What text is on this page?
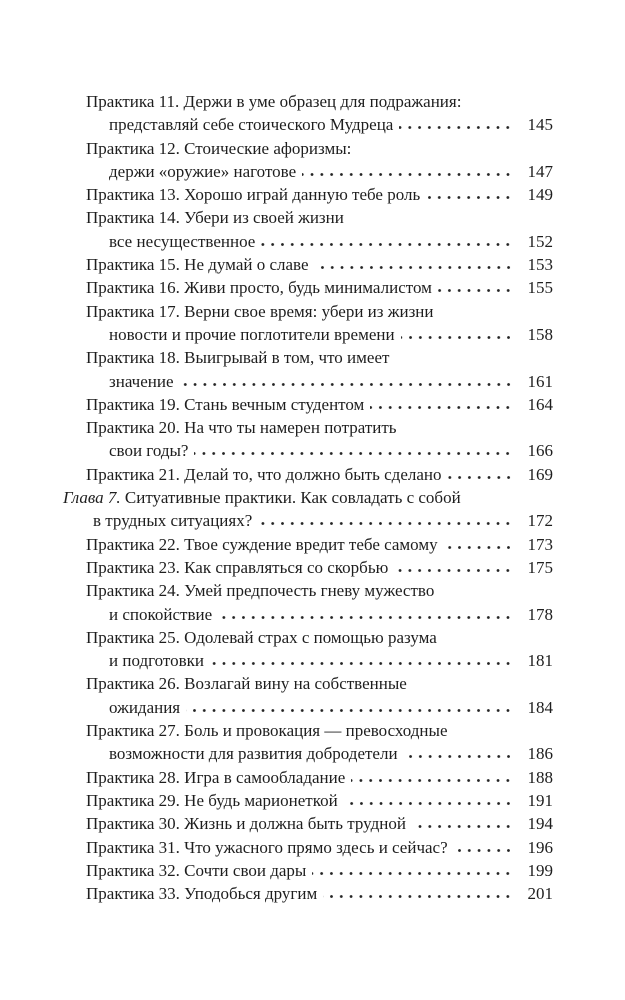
Практика 11. Держи в уме образец для подражания:
представляй себе стоического Мудреца	145
Практика 12. Стоические афоризмы:
держи «оружие» наготове	147
Практика 13. Хорошо играй данную тебе роль	149
Практика 14. Убери из своей жизни
все несущественное	152
Практика 15. Не думай о славе	153
Практика 16. Живи просто, будь минималистом	155
Практика 17. Верни свое время: убери из жизни
новости и прочие поглотители времени	158
Практика 18. Выигрывай в том, что имеет
значение	161
Практика 19. Стань вечным студентом	164
Практика 20. На что ты намерен потратить
свои годы?	166
Практика 21. Делай то, что должно быть сделано	169
Глава 7. Ситуативные практики. Как совладать с собой
в трудных ситуациях?	172
Практика 22. Твое суждение вредит тебе самому	173
Практика 23. Как справляться со скорбью	175
Практика 24. Умей предпочесть гневу мужество
и спокойствие	178
Практика 25. Одолевай страх с помощью разума
и подготовки	181
Практика 26. Возлагай вину на собственные
ожидания	184
Практика 27. Боль и провокация — превосходные
возможности для развития добродетели	186
Практика 28. Игра в самообладание	188
Практика 29. Не будь марионеткой	191
Практика 30. Жизнь и должна быть трудной	194
Практика 31. Что ужасного прямо здесь и сейчас?	196
Практика 32. Сочти свои дары	199
Практика 33. Уподобься другим	201
